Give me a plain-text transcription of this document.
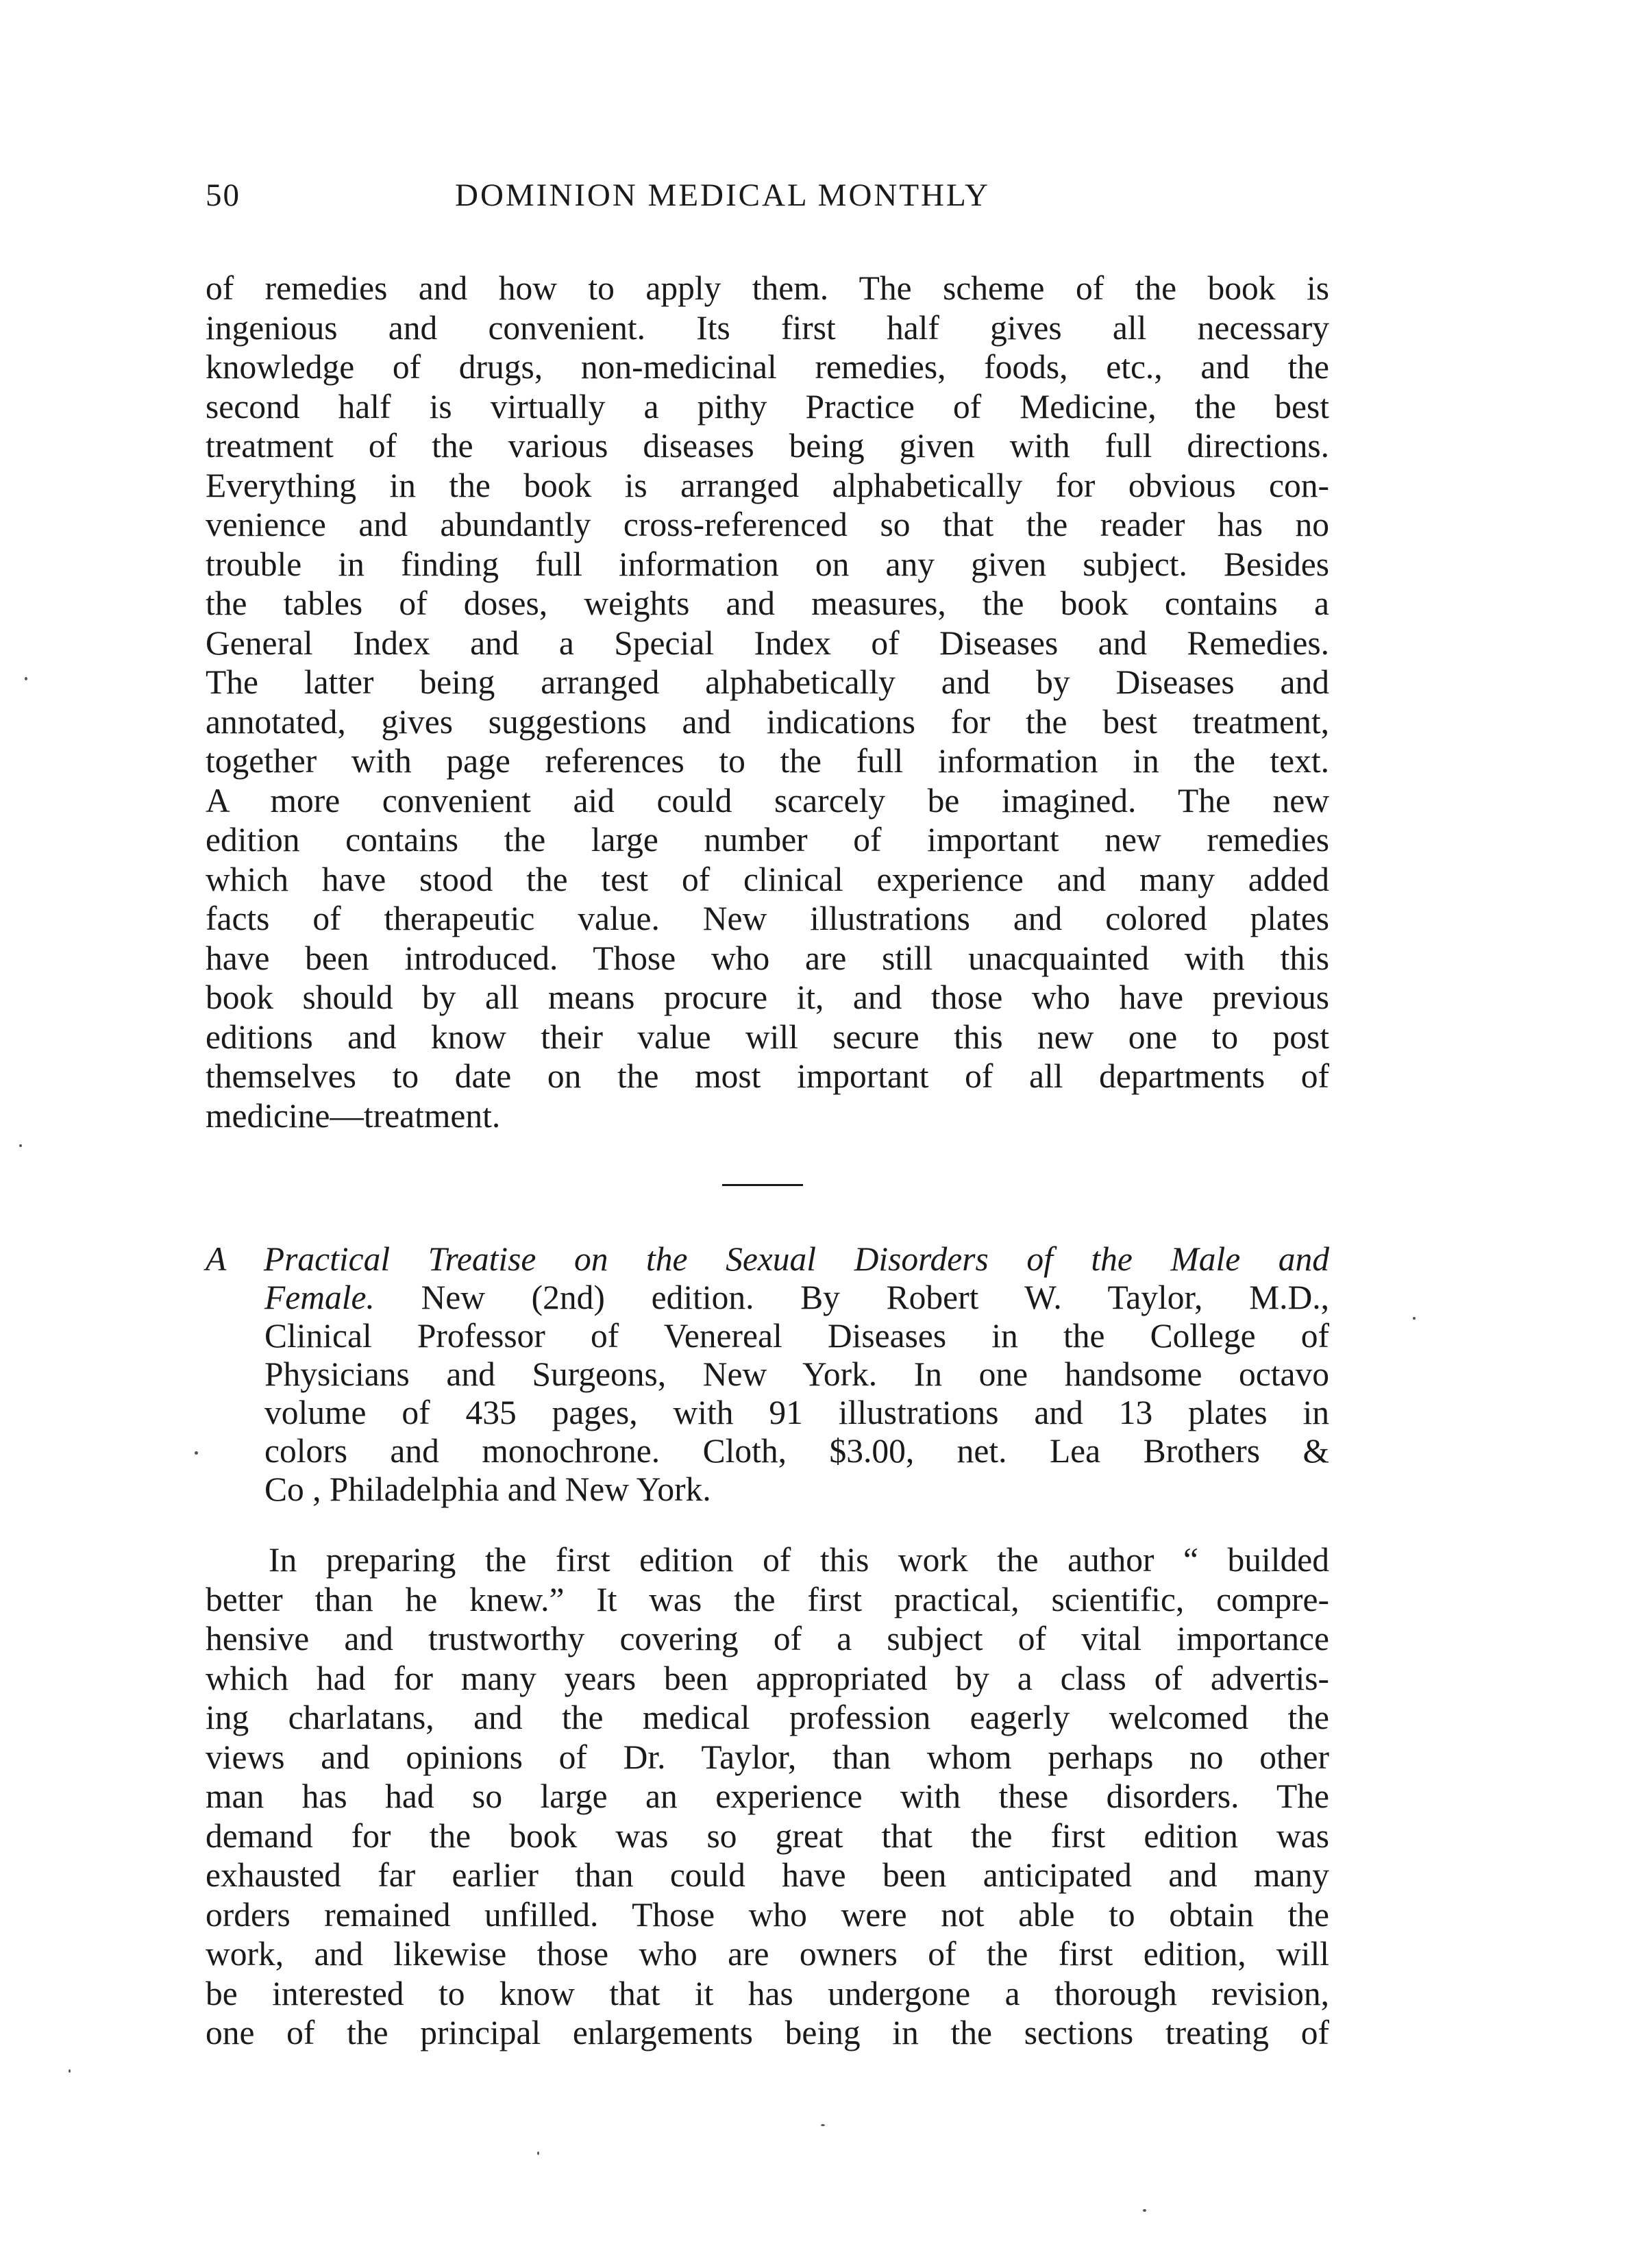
50	DOMINION MEDICAL MONTHLY
of remedies and how to apply them. The scheme of the book is
ingenious and convenient. Its first half gives all necessary
knowledge of drugs, non-medicinal remedies, foods, etc., and the
second half is virtually a pithy Practice of Medicine, the best
treatment of the various diseases being given with full directions.
Everything in the book is arranged alphabetically for obvious con-
venience and abundantly cross-referenced so that the reader has no
trouble in finding full information on any given subject. Besides
the tables of doses, weights and measures, the book contains a
General Index and a Special Index of Diseases and Remedies.
The latter being arranged alphabetically and by Diseases and
annotated, gives suggestions and indications for the best treatment,
together with page references to the full information in the text.
A more convenient aid could scarcely be imagined. The new
edition contains the large number of important new remedies
which have stood the test of clinical experience and many added
facts of therapeutic value. New illustrations and colored plates
have been introduced. Those who are still unacquainted with this
book should by all means procure it, and those who have previous
editions and know their value will secure this new one to post
themselves to date on the most important of all departments of
medicine—treatment.
A Practical Treatise on the Sexual Disorders of the Male and
Female. New (2nd) edition. By Robert W. Taylor, M.D.,
Clinical Professor of Venereal Diseases in the College of
Physicians and Surgeons, New York. In one handsome octavo
volume of 435 pages, with 91 illustrations and 13 plates in
colors and monochrone. Cloth, $3.00, net. Lea Brothers &
Co , Philadelphia and New York.
In preparing the first edition of this work the author “ builded
better than he knew.” It was the first practical, scientific, compre-
hensive and trustworthy covering of a subject of vital importance
which had for many years been appropriated by a class of advertis-
ing charlatans, and the medical profession eagerly welcomed the
views and opinions of Dr. Taylor, than whom perhaps no other
man has had so large an experience with these disorders. The
demand for the book was so great that the first edition was
exhausted far earlier than could have been anticipated and many
orders remained unfilled. Those who were not able to obtain the
work, and likewise those who are owners of the first edition, will
be interested to know that it has undergone a thorough revision,
one of the principal enlargements being in the sections treating of
